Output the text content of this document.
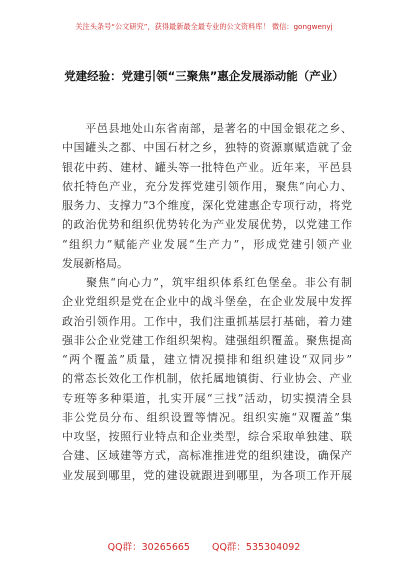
关注头条号“公文研究”，获得最新最全最专业的公文资料库！ 微信：gongwenyj
党建经验：党建引领“三聚焦”惠企发展添动能（产业）
　　平邑县地处山东省南部，是著名的中国金银花之乡、
中国罐头之都、中国石材之乡，独特的资源禀赋造就了金
银花中药、建材、罐头等一批特色产业。近年来，平邑县
依托特色产业，充分发挥党建引领作用，聚焦“向心力、
服务力、支撑力”3个维度，深化党建惠企专项行动，将党
的政治优势和组织优势转化为产业发展优势，以党建工作
“组织力”赋能产业发展“生产力”，形成党建引领产业
发展新格局。
　　聚焦“向心力”，筑牢组织体系红色堡垒。非公有制
企业党组织是党在企业中的战斗堡垒，在企业发展中发挥
政治引领作用。工作中，我们注重抓基层打基础，着力建
强非公企业党建工作组织架构。建强组织覆盖。聚焦提高
“两个覆盖”质量，建立情况摸排和组织建设“双同步”
的常态长效化工作机制，依托属地镇街、行业协会、产业
专班等多种渠道，扎实开展“三找”活动，切实摸清全县
非公党员分布、组织设置等情况。组织实施“双覆盖”集
中攻坚，按照行业特点和企业类型，综合采取单独建、联
合建、区域建等方式，高标准推进党的组织建设，确保产
业发展到哪里，党的建设就跟进到哪里，为各项工作开展
QQ群：30265665 QQ群：535304092
